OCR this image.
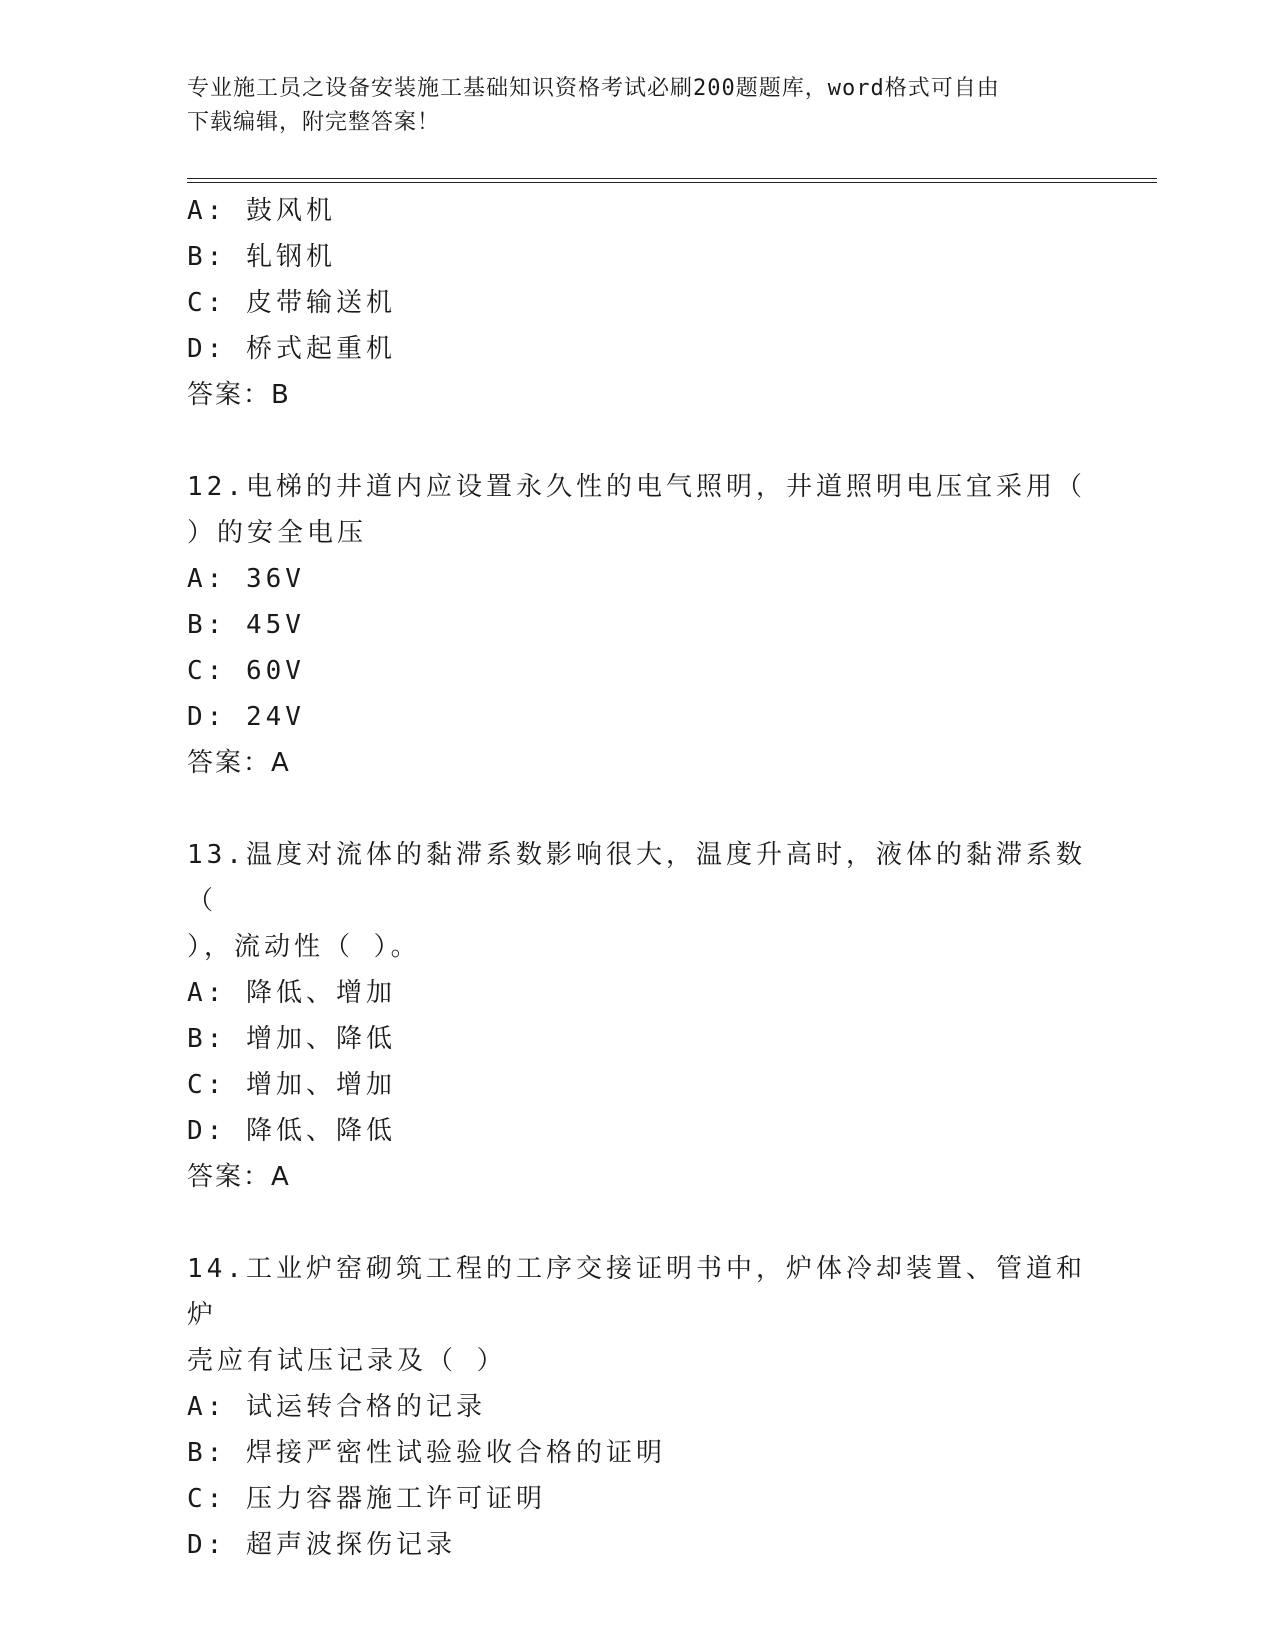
专业施工员之设备安装施工基础知识资格考试必刷200题题库，word格式可自由
下载编辑，附完整答案！
A: 鼓风机
B: 轧钢机
C: 皮带输送机
D: 桥式起重机
答案：B
12.电梯的井道内应设置永久性的电气照明，井道照明电压宜采用（
）的安全电压
A: 36V
B: 45V
C: 60V
D: 24V
答案：A
13.温度对流体的黏滞系数影响很大，温度升高时，液体的黏滞系数（
），流动性（ ）。
A: 降低、增加
B: 增加、降低
C: 增加、增加
D: 降低、降低
答案：A
14.工业炉窑砌筑工程的工序交接证明书中，炉体冷却装置、管道和炉
壳应有试压记录及（ ）
A: 试运转合格的记录
B: 焊接严密性试验验收合格的证明
C: 压力容器施工许可证明
D: 超声波探伤记录
